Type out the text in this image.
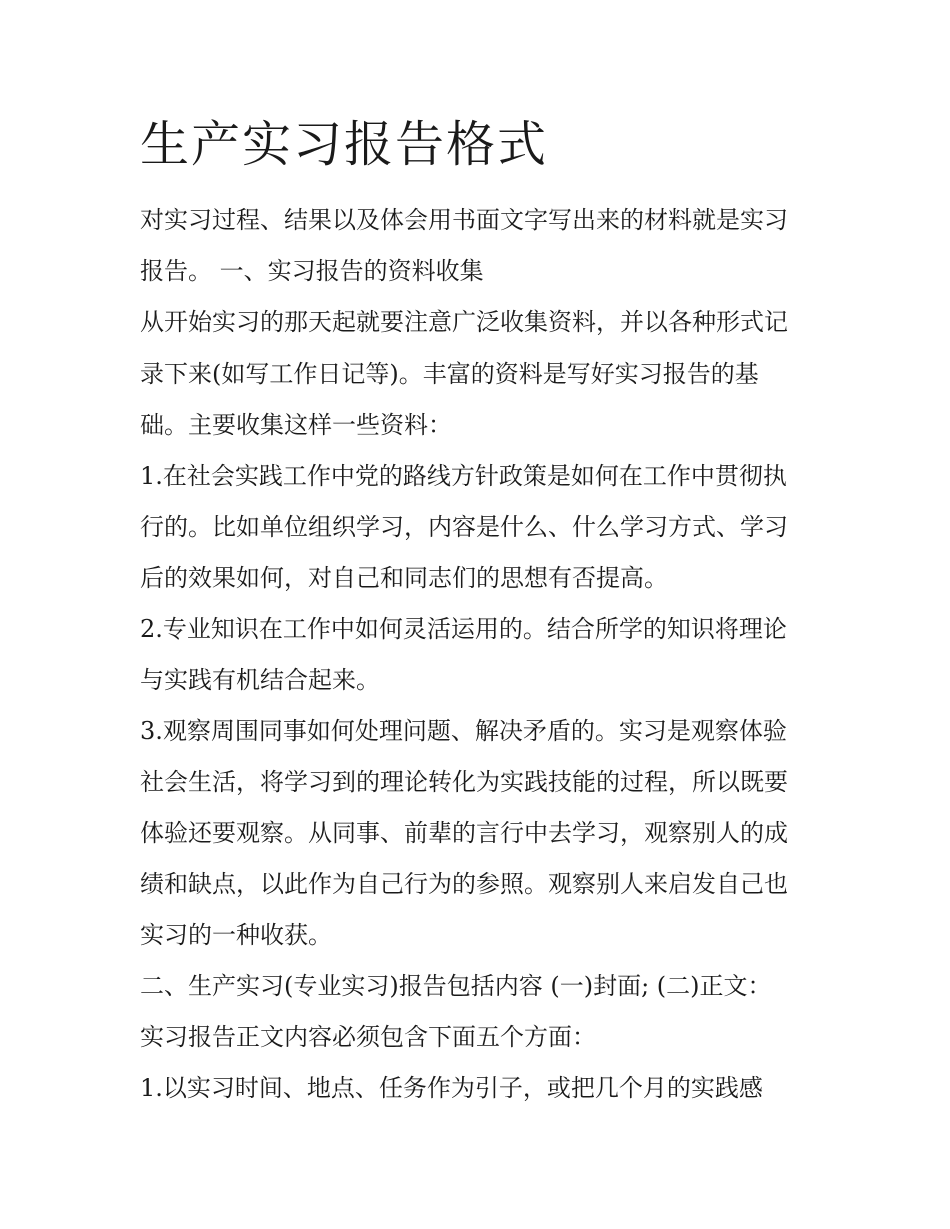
生产实习报告格式

对实习过程、结果以及体会用书面文字写出来的材料就是实习

报告。 一、实习报告的资料收集

从开始实习的那天起就要注意广泛收集资料，并以各种形式记

录下来(如写工作日记等)。丰富的资料是写好实习报告的基

础。主要收集这样一些资料：

1.在社会实践工作中党的路线方针政策是如何在工作中贯彻执

行的。比如单位组织学习，内容是什么、什么学习方式、学习

后的效果如何，对自己和同志们的思想有否提高。

2.专业知识在工作中如何灵活运用的。结合所学的知识将理论

与实践有机结合起来。

3.观察周围同事如何处理问题、解决矛盾的。实习是观察体验

社会生活，将学习到的理论转化为实践技能的过程，所以既要

体验还要观察。从同事、前辈的言行中去学习，观察别人的成

绩和缺点，以此作为自己行为的参照。观察别人来启发自己也

实习的一种收获。

二、生产实习(专业实习)报告包括内容 (一)封面; (二)正文：

实习报告正文内容必须包含下面五个方面：

1.以实习时间、地点、任务作为引子，或把几个月的实践感
